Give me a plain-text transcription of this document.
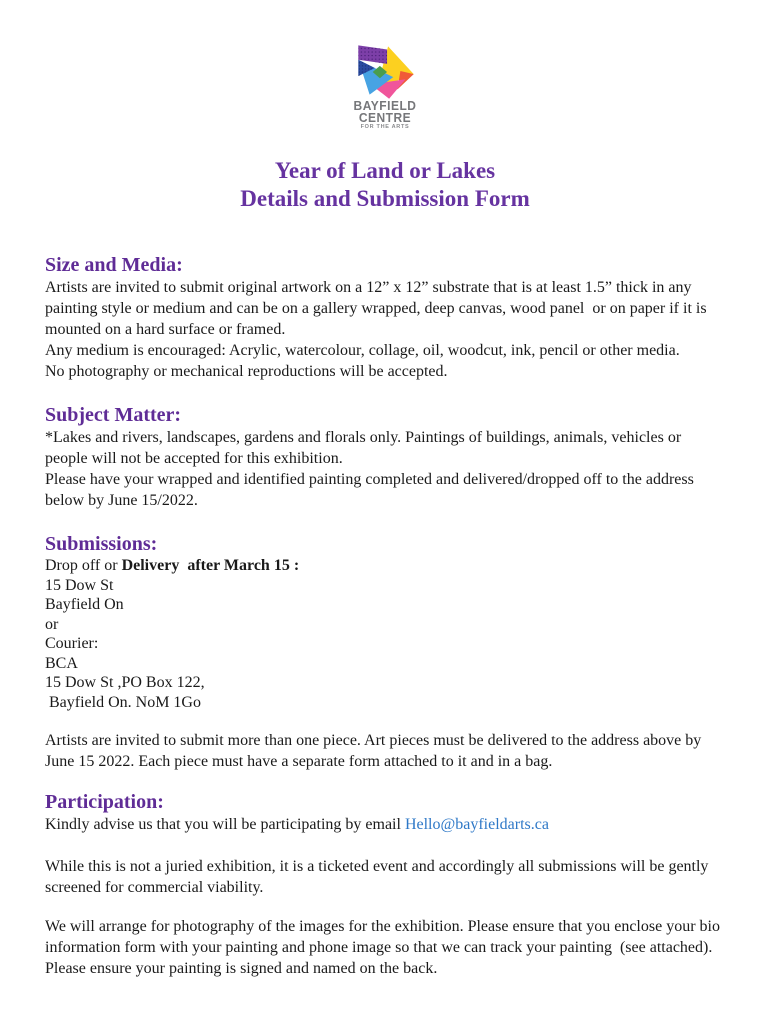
BAYFIELD
CENTRE
FOR THE ARTS
Year of Land or Lakes
Details and Submission Form
Size and Media:

Artists are invited to submit original artwork on a 12” x 12” substrate that is at least 1.5” thick in any painting style or medium and can be on a gallery wrapped, deep canvas, wood panel  or on paper if it is mounted on a hard surface or framed.

Any medium is encouraged: Acrylic, watercolour, collage, oil, woodcut, ink, pencil or other media.

No photography or mechanical reproductions will be accepted.

Subject Matter:

*Lakes and rivers, landscapes, gardens and florals only. Paintings of buildings, animals, vehicles or people will not be accepted for this exhibition.

Please have your wrapped and identified painting completed and delivered/dropped off to the address below by June 15/2022.

Submissions:
Drop off or Delivery  after March 15 :
15 Dow St
Bayfield On
or
Courier:
BCA
15 Dow St ,PO Box 122,
Bayfield On. NoM 1Go

Artists are invited to submit more than one piece. Art pieces must be delivered to the address above by June 15 2022. Each piece must have a separate form attached to it and in a bag.

Participation:

Kindly advise us that you will be participating by email Hello@bayfieldarts.ca

While this is not a juried exhibition, it is a ticketed event and accordingly all submissions will be gently screened for commercial viability.

We will arrange for photography of the images for the exhibition. Please ensure that you enclose your bio information form with your painting and phone image so that we can track your painting  (see attached).

Please ensure your painting is signed and named on the back.
